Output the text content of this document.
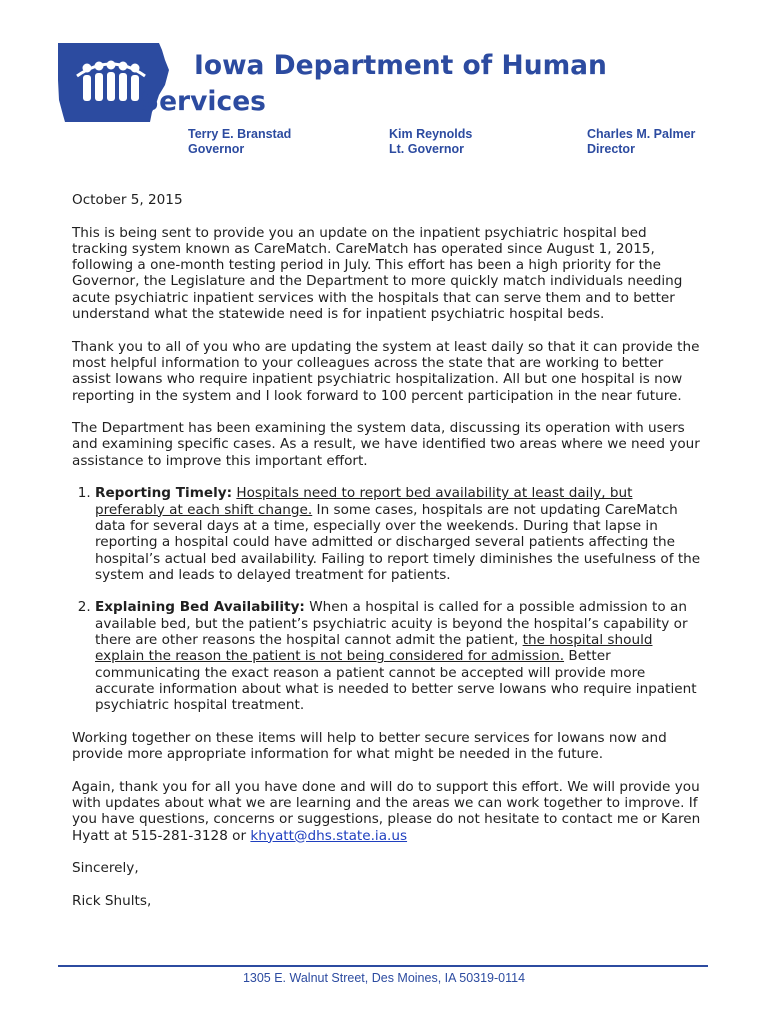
Iowa Department of Human Services
Terry E. Branstad
Governor
Kim Reynolds
Lt. Governor
Charles M. Palmer
Director

October 5, 2015

This is being sent to provide you an update on the inpatient psychiatric hospital bed tracking system known as CareMatch. CareMatch has operated since August 1, 2015, following a one-month testing period in July. This effort has been a high priority for the Governor, the Legislature and the Department to more quickly match individuals needing acute psychiatric inpatient services with the hospitals that can serve them and to better understand what the statewide need is for inpatient psychiatric hospital beds.

Thank you to all of you who are updating the system at least daily so that it can provide the most helpful information to your colleagues across the state that are working to better assist Iowans who require inpatient psychiatric hospitalization. All but one hospital is now reporting in the system and I look forward to 100 percent participation in the near future.

The Department has been examining the system data, discussing its operation with users and examining specific cases. As a result, we have identified two areas where we need your assistance to improve this important effort.

1. Reporting Timely: Hospitals need to report bed availability at least daily, but preferably at each shift change. In some cases, hospitals are not updating CareMatch data for several days at a time, especially over the weekends. During that lapse in reporting a hospital could have admitted or discharged several patients affecting the hospital’s actual bed availability. Failing to report timely diminishes the usefulness of the system and leads to delayed treatment for patients.
2. Explaining Bed Availability: When a hospital is called for a possible admission to an available bed, but the patient’s psychiatric acuity is beyond the hospital’s capability or there are other reasons the hospital cannot admit the patient, the hospital should explain the reason the patient is not being considered for admission. Better communicating the exact reason a patient cannot be accepted will provide more accurate information about what is needed to better serve Iowans who require inpatient psychiatric hospital treatment.

Working together on these items will help to better secure services for Iowans now and provide more appropriate information for what might be needed in the future.

Again, thank you for all you have done and will do to support this effort. We will provide you with updates about what we are learning and the areas we can work together to improve. If you have questions, concerns or suggestions, please do not hesitate to contact me or Karen Hyatt at 515-281-3128 or khyatt@dhs.state.ia.us

Sincerely,

Rick Shults,

1305 E. Walnut Street, Des Moines, IA 50319-0114
